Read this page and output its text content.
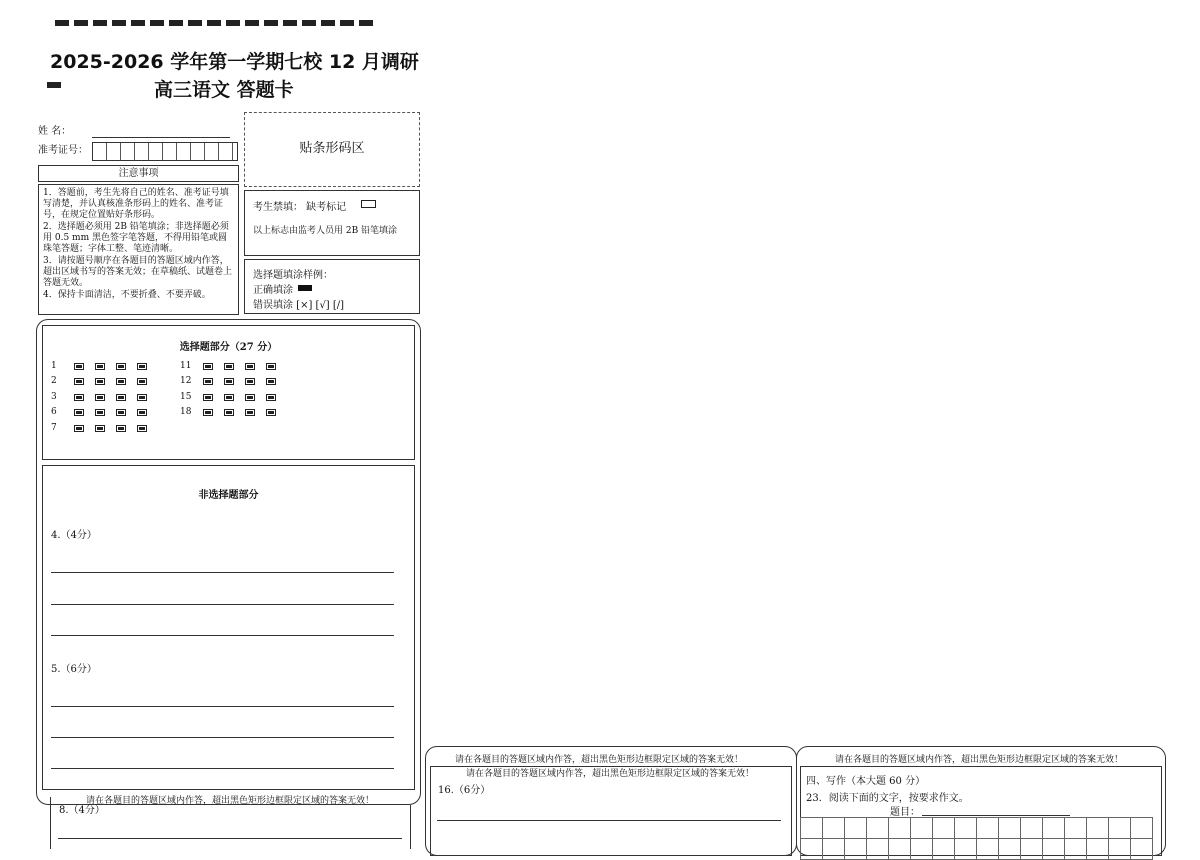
2025-2026 学年第一学期七校 12 月调研
高三语文 答题卡
姓 名：
准考证号：	贴条形码区
注意事项
1．答题前，考生先将自己的姓名、准考证号填写清楚，并认真核准条形码上的姓名、准考证号，在规定位置贴好条形码。
2．选择题必须用 2B 铅笔填涂；非选择题必须用 0.5 mm 黑色签字笔答题，不得用铅笔或圆珠笔答题；字体工整、笔迹清晰。
3．请按题号顺序在各题目的答题区域内作答，超出区域书写的答案无效；在草稿纸、试题卷上答题无效。
4．保持卡面清洁，不要折叠、不要弄破。
考生禁填： 缺考标记
以上标志由监考人员用 2B 铅笔填涂
选择题填涂样例：
正确填涂
错误填涂 [×] [√] [/]
选择题部分（27 分）
1
2
3
6
7
11
12
15
18
非选择题部分
4.（4分）
5.（6分）
请在各题目的答题区域内作答，超出黑色矩形边框限定区域的答案无效！
8.（4分）
请在各题目的答题区域内作答，超出黑色矩形边框限定区域的答案无效！
请在各题目的答题区域内作答，超出黑色矩形边框限定区域的答案无效！
16.（6分）
请在各题目的答题区域内作答，超出黑色矩形边框限定区域的答案无效！
四、写作（本大题 60 分）
23．阅读下面的文字，按要求作文。
题目：
